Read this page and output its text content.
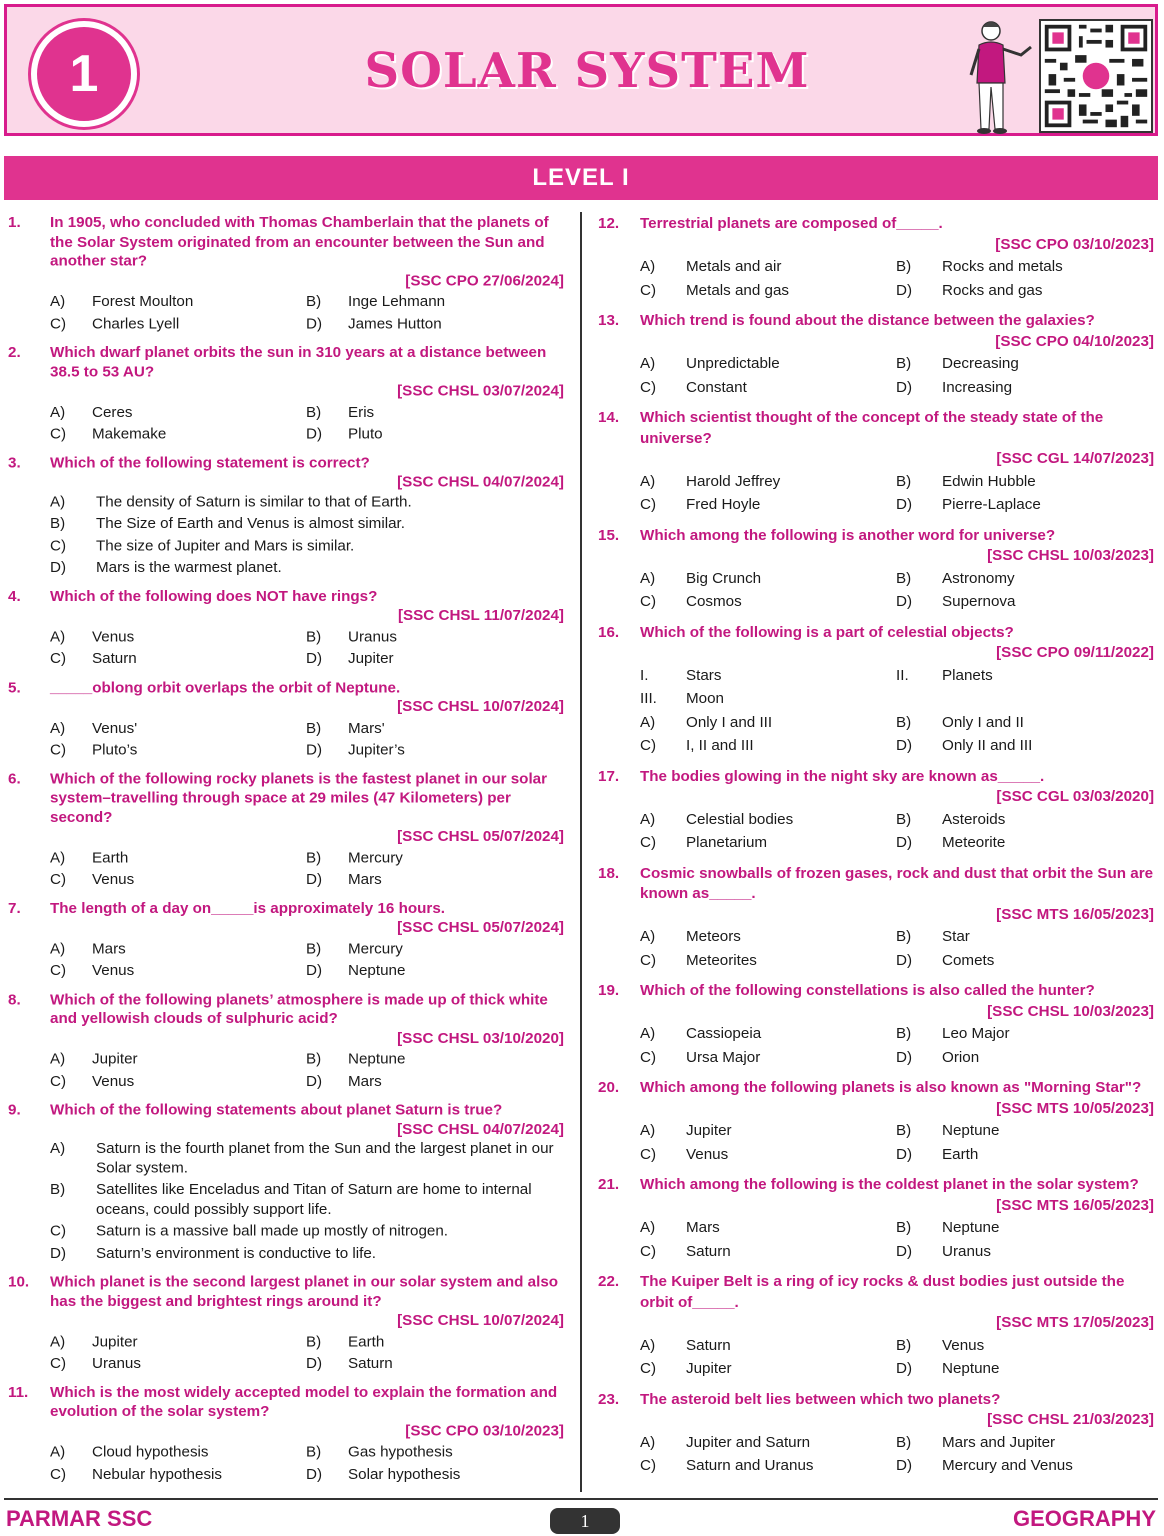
1	SOLAR SYSTEM
LEVEL I
1.	In 1905, who concluded with Thomas Chamberlain that the planets of the Solar System originated from an encounter between the Sun and another star?
[SSC CPO 27/06/2024]
A)	Forest Moulton	B)	Inge Lehmann
C)	Charles Lyell	D)	James Hutton
2.	Which dwarf planet orbits the sun in 310 years at a distance between 38.5 to 53 AU?
[SSC CHSL 03/07/2024]
A)	Ceres	B)	Eris
C)	Makemake	D)	Pluto
3.	Which of the following statement is correct?
[SSC CHSL 04/07/2024]
A)	The density of Saturn is similar to that of Earth.
B)	The Size of Earth and Venus is almost similar.
C)	The size of Jupiter and Mars is similar.
D)	Mars is the warmest planet.
4.	Which of the following does NOT have rings?
[SSC CHSL 11/07/2024]
A)	Venus	B)	Uranus
C)	Saturn	D)	Jupiter
5.	_____oblong orbit overlaps the orbit of Neptune.
[SSC CHSL 10/07/2024]
A)	Venus'	B)	Mars'
C)	Pluto’s	D)	Jupiter’s
6.	Which of the following rocky planets is the fastest planet in our solar system–travelling through space at 29 miles (47 Kilometers) per second?
[SSC CHSL 05/07/2024]
A)	Earth	B)	Mercury
C)	Venus	D)	Mars
7.	The length of a day on_____is approximately 16 hours.
[SSC CHSL 05/07/2024]
A)	Mars	B)	Mercury
C)	Venus	D)	Neptune
8.	Which of the following planets’ atmosphere is made up of thick white and yellowish clouds of sulphuric acid?
[SSC CHSL 03/10/2020]
A)	Jupiter	B)	Neptune
C)	Venus	D)	Mars
9.	Which of the following statements about planet Saturn is true?
[SSC CHSL 04/07/2024]
A)	Saturn is the fourth planet from the Sun and the largest planet in our Solar system.
B)	Satellites like Enceladus and Titan of Saturn are home to internal oceans, could possibly support life.
C)	Saturn is a massive ball made up mostly of nitrogen.
D)	Saturn’s environment is conductive to life.
10.	Which planet is the second largest planet in our solar system and also has the biggest and brightest rings around it?
[SSC CHSL 10/07/2024]
A)	Jupiter	B)	Earth
C)	Uranus	D)	Saturn
11.	Which is the most widely accepted model to explain the formation and evolution of the solar system?
[SSC CPO 03/10/2023]
A)	Cloud hypothesis	B)	Gas hypothesis
C)	Nebular hypothesis	D)	Solar hypothesis
12.	Terrestrial planets are composed of_____.
[SSC CPO 03/10/2023]
A)	Metals and air	B)	Rocks and metals
C)	Metals and gas	D)	Rocks and gas
13.	Which trend is found about the distance between the galaxies?
[SSC CPO 04/10/2023]
A)	Unpredictable	B)	Decreasing
C)	Constant	D)	Increasing
14.	Which scientist thought of the concept of the steady state of the universe?
[SSC CGL 14/07/2023]
A)	Harold Jeffrey	B)	Edwin Hubble
C)	Fred Hoyle	D)	Pierre-Laplace
15.	Which among the following is another word for universe?
[SSC CHSL 10/03/2023]
A)	Big Crunch	B)	Astronomy
C)	Cosmos	D)	Supernova
16.	Which of the following is a part of celestial objects?
[SSC CPO 09/11/2022]
I.	Stars	II.	Planets
III.	Moon
A)	Only I and III	B)	Only I and II
C)	I, II and III	D)	Only II and III
17.	The bodies glowing in the night sky are known as_____.
[SSC CGL 03/03/2020]
A)	Celestial bodies	B)	Asteroids
C)	Planetarium	D)	Meteorite
18.	Cosmic snowballs of frozen gases, rock and dust that orbit the Sun are known as_____.
[SSC MTS 16/05/2023]
A)	Meteors	B)	Star
C)	Meteorites	D)	Comets
19.	Which of the following constellations is also called the hunter?
[SSC CHSL 10/03/2023]
A)	Cassiopeia	B)	Leo Major
C)	Ursa Major	D)	Orion
20.	Which among the following planets is also known as "Morning Star"?
[SSC MTS 10/05/2023]
A)	Jupiter	B)	Neptune
C)	Venus	D)	Earth
21.	Which among the following is the coldest planet in the solar system?
[SSC MTS 16/05/2023]
A)	Mars	B)	Neptune
C)	Saturn	D)	Uranus
22.	The Kuiper Belt is a ring of icy rocks & dust bodies just outside the orbit of_____.
[SSC MTS 17/05/2023]
A)	Saturn	B)	Venus
C)	Jupiter	D)	Neptune
23.	The asteroid belt lies between which two planets?
[SSC CHSL 21/03/2023]
A)	Jupiter and Saturn	B)	Mars and Jupiter
C)	Saturn and Uranus	D)	Mercury and Venus
PARMAR SSC	1	GEOGRAPHY
